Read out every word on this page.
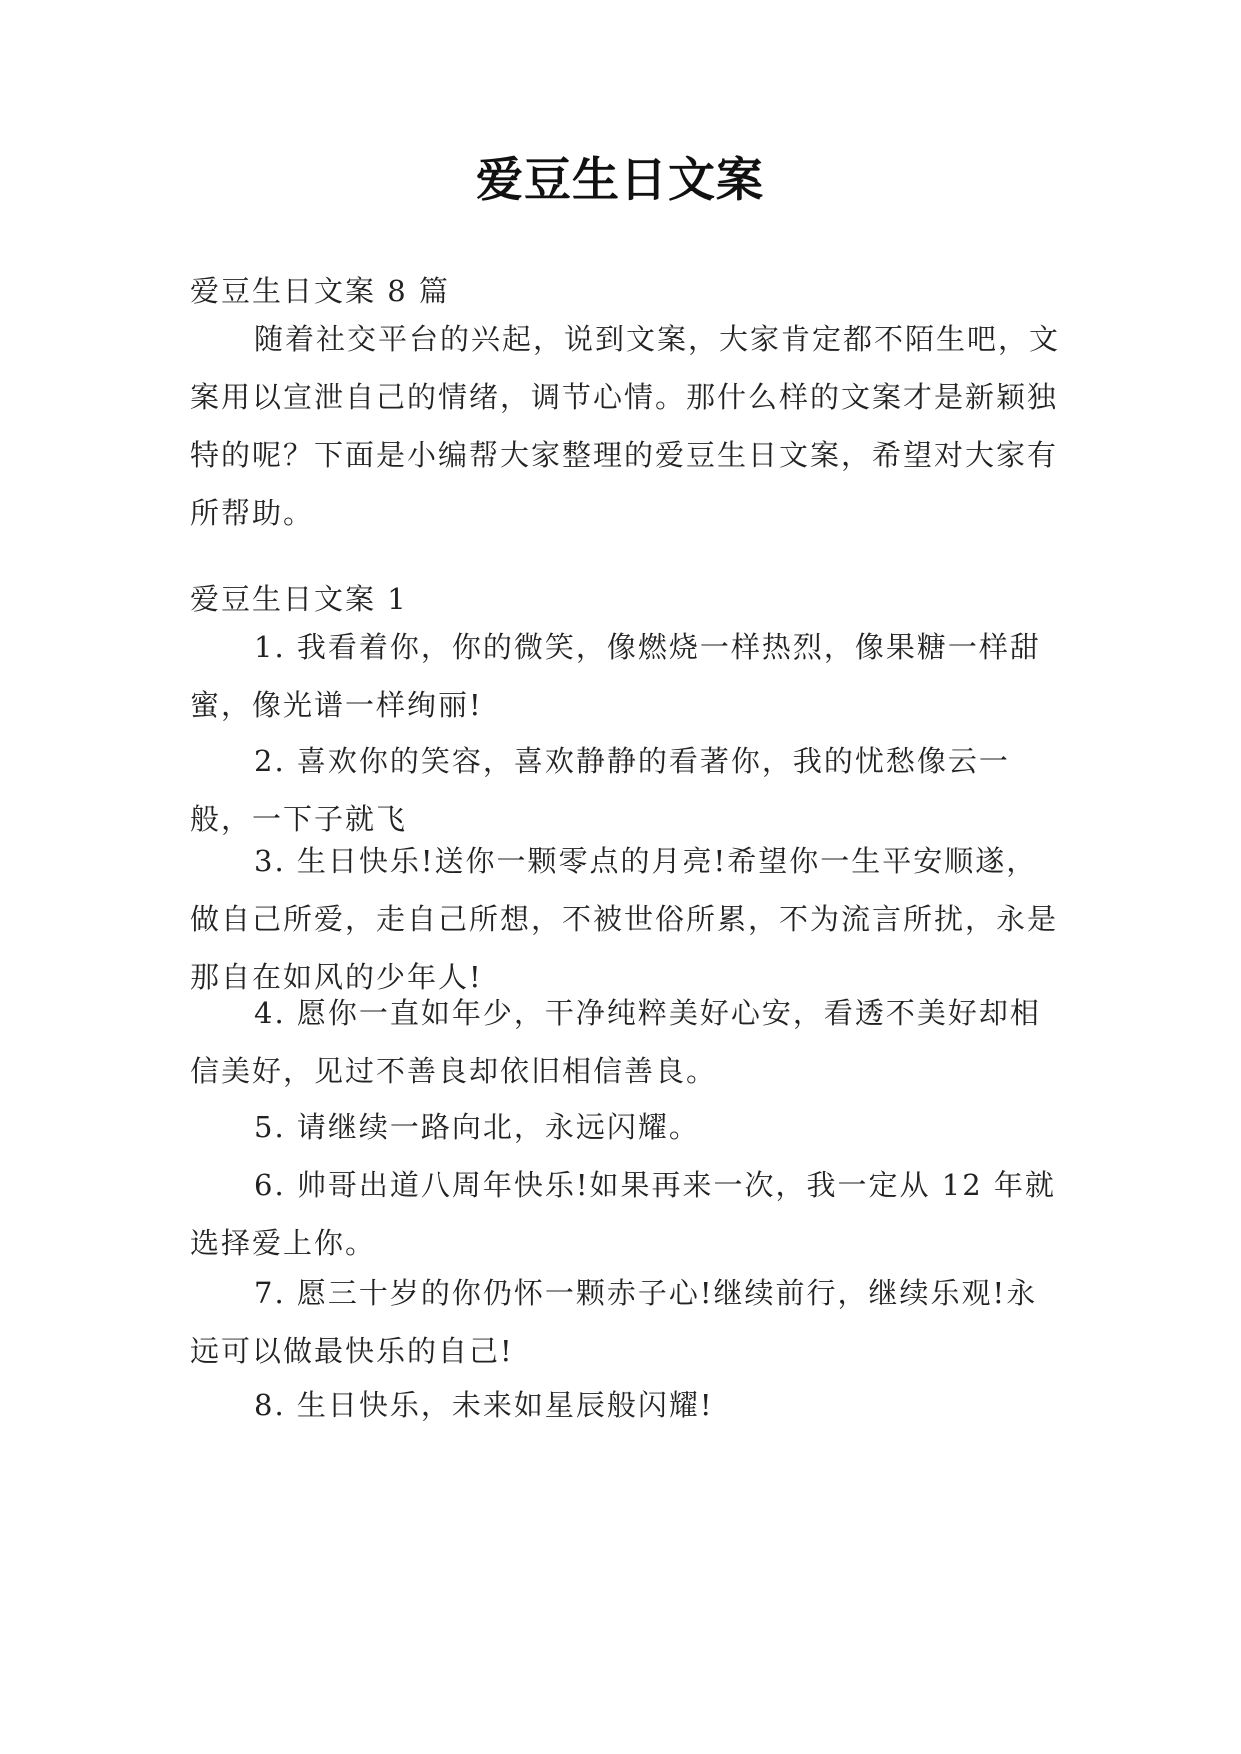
爱豆生日文案

爱豆生日文案 8 篇

随着社交平台的兴起，说到文案，大家肯定都不陌生吧，文案用以宣泄自己的情绪，调节心情。那什么样的文案才是新颖独特的呢？下面是小编帮大家整理的爱豆生日文案，希望对大家有所帮助。

爱豆生日文案 1

1. 我看着你，你的微笑，像燃烧一样热烈，像果糖一样甜蜜，像光谱一样绚丽!

2. 喜欢你的笑容，喜欢静静的看著你，我的忧愁像云一般，一下子就飞

3. 生日快乐!送你一颗零点的月亮!希望你一生平安顺遂，做自己所爱，走自己所想，不被世俗所累，不为流言所扰，永是那自在如风的少年人!

4. 愿你一直如年少，干净纯粹美好心安，看透不美好却相信美好，见过不善良却依旧相信善良。

5. 请继续一路向北，永远闪耀。

6. 帅哥出道八周年快乐!如果再来一次，我一定从 12 年就选择爱上你。

7. 愿三十岁的你仍怀一颗赤子心!继续前行，继续乐观!永远可以做最快乐的自己!

8. 生日快乐，未来如星辰般闪耀!
